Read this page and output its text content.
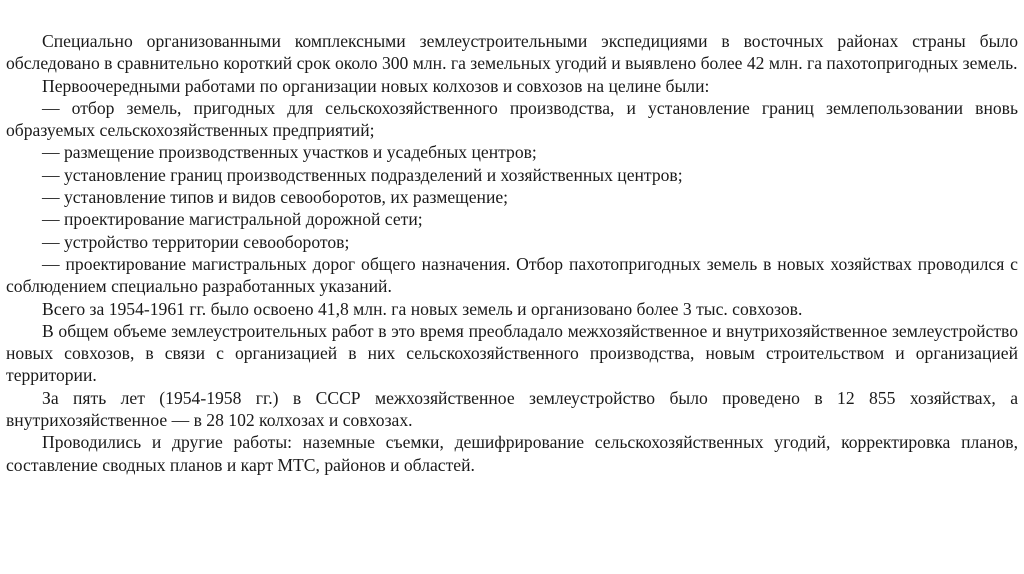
Специально организованными комплексными землеустроительными экспедициями в восточных районах страны было обследовано в сравнительно короткий срок около 300 млн. га земельных угодий и выявлено более 42 млн. га пахотопригодных земель.

Первоочередными работами по организации новых колхозов и совхозов на целине были:

— отбор земель, пригодных для сельскохозяйственного производства, и установление границ землепользовании вновь образуемых сельскохозяйственных предприятий;

— размещение производственных участков и усадебных центров;

— установление границ производственных подразделений и хозяйственных центров;

— установление типов и видов севооборотов, их размещение;

— проектирование магистральной дорожной сети;

— устройство территории севооборотов;

— проектирование магистральных дорог общего назначения. Отбор пахотопригодных земель в новых хозяйствах проводился с соблюдением специально разработанных указаний.

Всего за 1954-1961 гг. было освоено 41,8 млн. га новых земель и организовано более 3 тыс. совхозов.

В общем объеме землеустроительных работ в это время преобладало межхозяйственное и внутрихозяйственное землеустройство новых совхозов, в связи с организацией в них сельскохозяйственного производства, новым строительством и организацией территории.

За пять лет (1954-1958 гг.) в СССР межхозяйственное землеустройство было проведено в 12 855 хозяйствах, а внутрихозяйственное — в 28 102 колхозах и совхозах.

Проводились и другие работы: наземные съемки, дешифрирование сельскохозяйственных угодий, корректировка планов, составление сводных планов и карт МТС, районов и областей.
